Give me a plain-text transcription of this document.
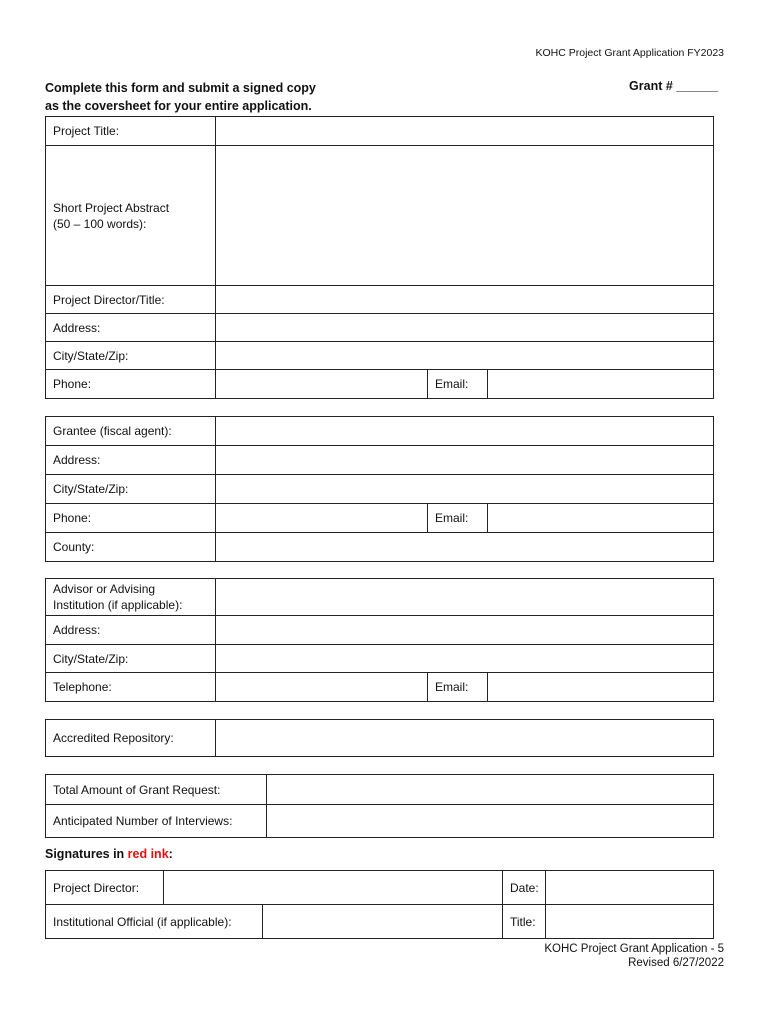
KOHC Project Grant Application FY2023
Complete this form and submit a signed copy
as the coversheet for your entire application.
Grant # ______
Project Title:			

Short Project Abstract
(50 – 100 words):			

Project Director/Title:			
Address:			
City/State/Zip:			
Phone:		Email:	
Grantee (fiscal agent):			
Address:			
City/State/Zip:			
Phone:		Email:	
County:			
Advisor or Advising
Institution (if applicable):			

Address:			
City/State/Zip:			
Telephone:		Email:	
Accredited Repository:	
Total Amount of Grant Request:	
Anticipated Number of Interviews:	
Signatures in red ink:
Project Director:			Date:	
Institutional Official (if applicable):			Title:	
KOHC Project Grant Application - 5
Revised 6/27/2022
